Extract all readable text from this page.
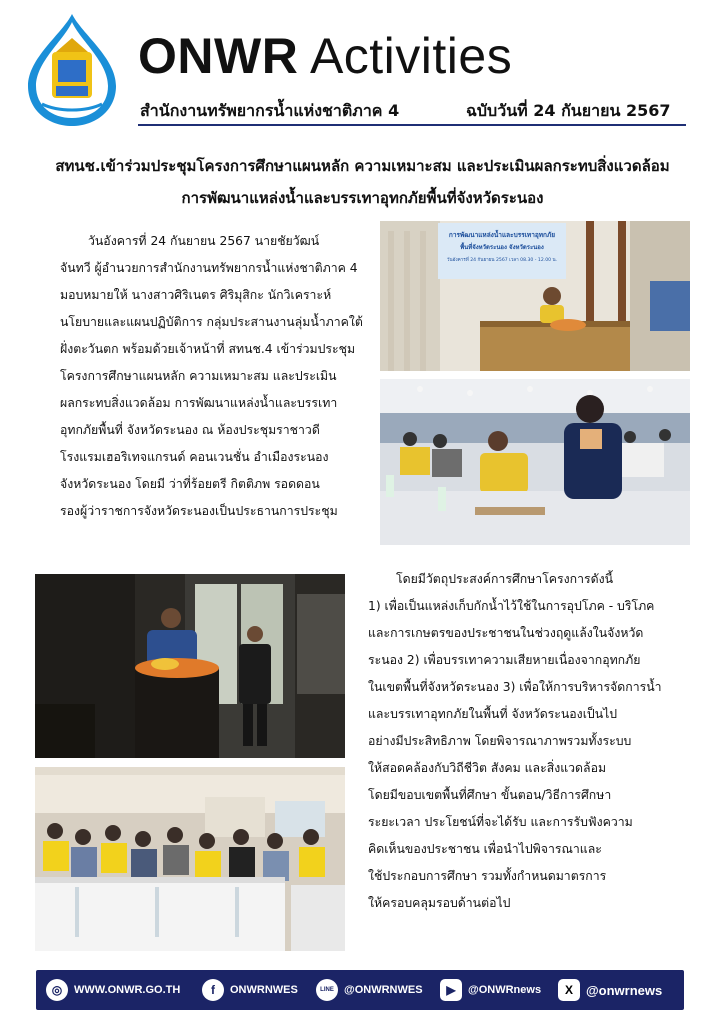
ONWR Activities
สำนักงานทรัพยากรน้ำแห่งชาติภาค 4	ฉบับวันที่ 24 กันยายน 2567
สทนช.เข้าร่วมประชุมโครงการศึกษาแผนหลัก ความเหมาะสม และประเมินผลกระทบสิ่งแวดล้อม
การพัฒนาแหล่งน้ำและบรรเทาอุทกภัยพื้นที่จังหวัดระนอง
วันอังคารที่ 24 กันยายน 2567 นายชัยวัฒน์
จันทวี ผู้อำนวยการสำนักงานทรัพยากรน้ำแห่งชาติภาค 4
มอบหมายให้ นางสาวศิริเนตร ศิริมุสิกะ นักวิเคราะห์
นโยบายและแผนปฏิบัติการ กลุ่มประสานงานลุ่มน้ำภาคใต้
ฝั่งตะวันตก พร้อมด้วยเจ้าหน้าที่ สทนช.4 เข้าร่วมประชุม
โครงการศึกษาแผนหลัก ความเหมาะสม และประเมิน
ผลกระทบสิ่งแวดล้อม การพัฒนาแหล่งน้ำและบรรเทา
อุทกภัยพื้นที่ จังหวัดระนอง ณ ห้องประชุมราชาวดี
โรงแรมเฮอริเทจแกรนด์ คอนเวนชั่น อำเมืองระนอง
จังหวัดระนอง โดยมี ว่าที่ร้อยตรี กิตติภพ รอดดอน
รองผู้ว่าราชการจังหวัดระนองเป็นประธานการประชุม
โดยมีวัตถุประสงค์การศึกษาโครงการดังนี้
1) เพื่อเป็นแหล่งเก็บกักน้ำไว้ใช้ในการอุปโภค - บริโภค
และการเกษตรของประชาชนในช่วงฤดูแล้งในจังหวัด
ระนอง 2) เพื่อบรรเทาความเสียหายเนื่องจากอุทกภัย
ในเขตพื้นที่จังหวัดระนอง 3) เพื่อให้การบริหารจัดการน้ำ
และบรรเทาอุทกภัยในพื้นที่ จังหวัดระนองเป็นไป
อย่างมีประสิทธิภาพ โดยพิจารณาภาพรวมทั้งระบบ
ให้สอดคล้องกับวิถีชีวิต สังคม และสิ่งแวดล้อม
โดยมีขอบเขตพื้นที่ศึกษา ขั้นตอน/วิธีการศึกษา
ระยะเวลา ประโยชน์ที่จะได้รับ และการรับฟังความ
คิดเห็นของประชาชน เพื่อนำไปพิจารณาและ
ใช้ประกอบการศึกษา รวมทั้งกำหนดมาตรการ
ให้ครอบคลุมรอบด้านต่อไป
การพัฒนาแหล่งน้ำและบรรเทาอุทกภัย
พื้นที่จังหวัดระนอง จังหวัดระนอง
วันอังคารที่ 24 กันยายน 2567 เวลา 08.30 - 12.00 น.
◎	WWW.ONWR.GO.TH	f	ONWRNWES	LINE @ONWRNWES	▶	@ONWRnews	X	@onwrnews
